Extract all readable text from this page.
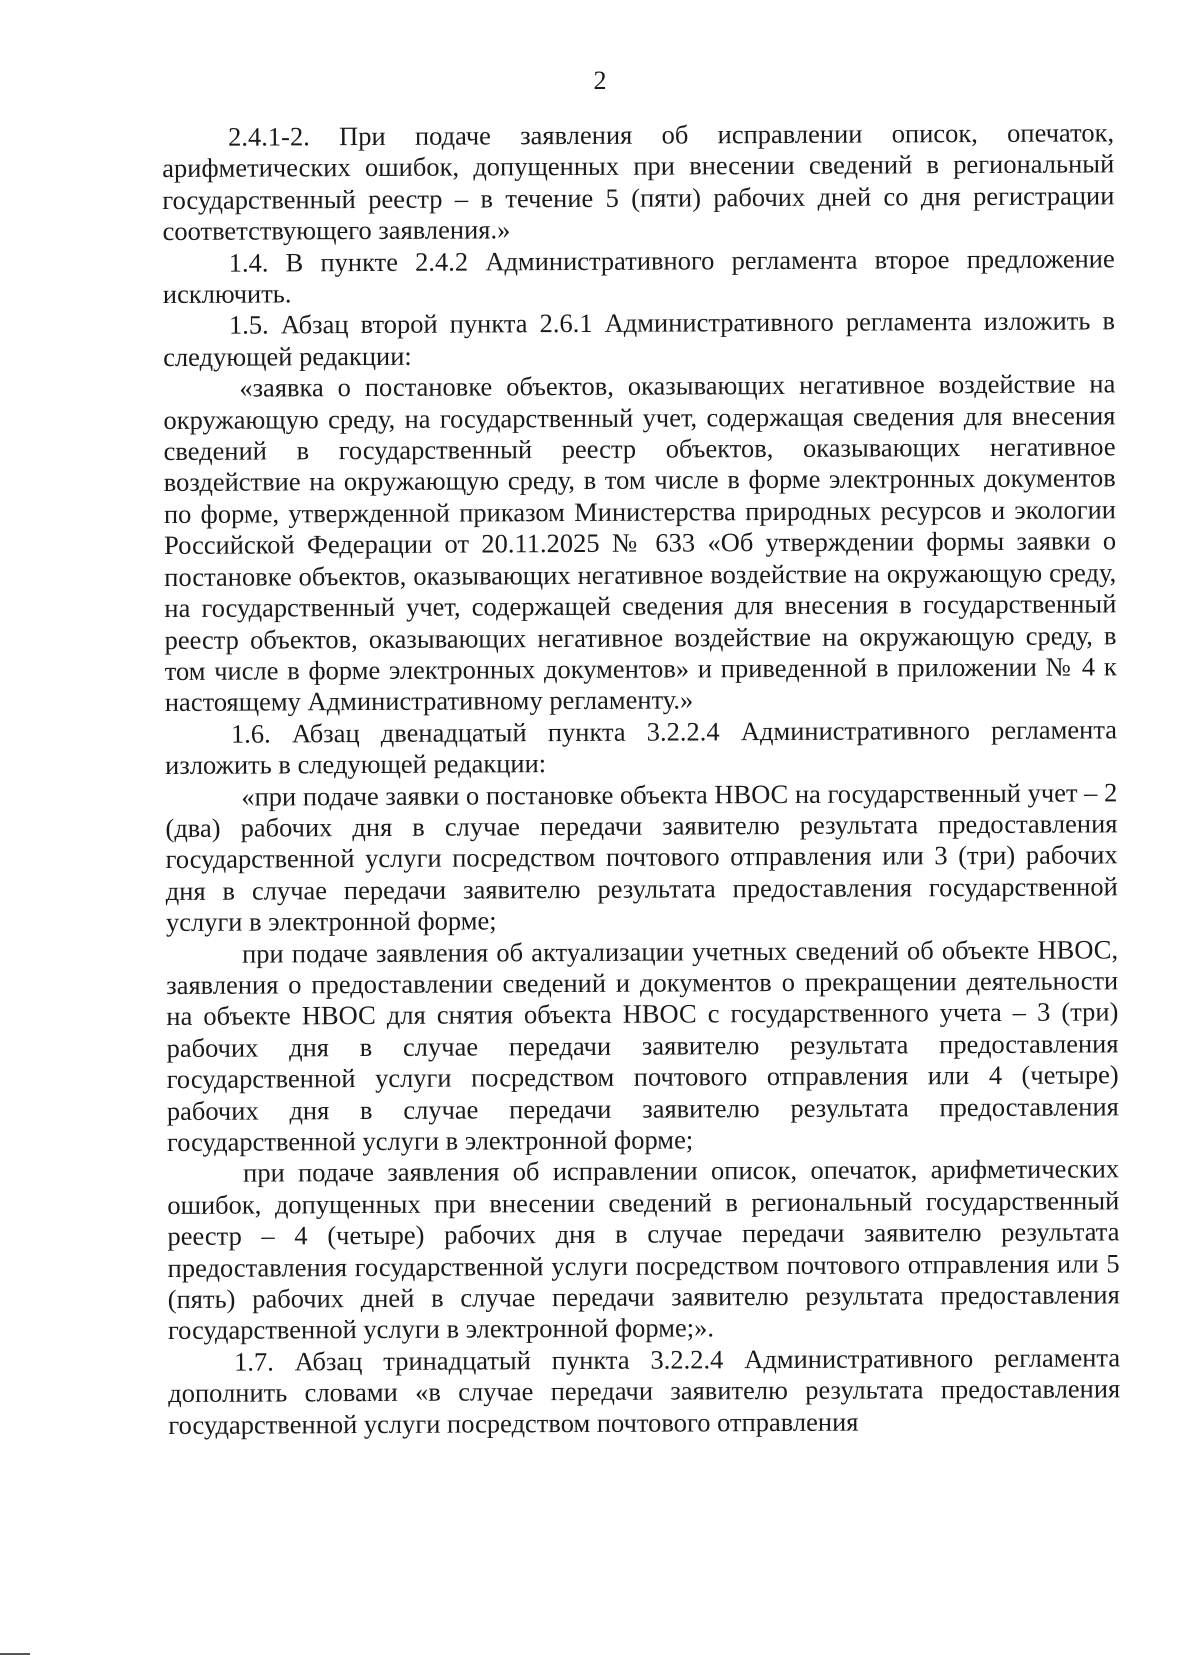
2

2.4.1-2. При подаче заявления об исправлении описок, опечаток, арифметических ошибок, допущенных при внесении сведений в региональный государственный реестр – в течение 5 (пяти) рабочих дней со дня регистрации соответствующего заявления.»

1.4. В пункте 2.4.2 Административного регламента второе предложение исключить.

1.5. Абзац второй пункта 2.6.1 Административного регламента изложить в следующей редакции:

«заявка о постановке объектов, оказывающих негативное воздействие на окружающую среду, на государственный учет, содержащая сведения для внесения сведений в государственный реестр объектов, оказывающих негативное воздействие на окружающую среду, в том числе в форме электронных документов по форме, утвержденной приказом Министерства природных ресурсов и экологии Российской Федерации от 20.11.2025 № 633 «Об утверждении формы заявки о постановке объектов, оказывающих негативное воздействие на окружающую среду, на государственный учет, содержащей сведения для внесения в государственный реестр объектов, оказывающих негативное воздействие на окружающую среду, в том числе в форме электронных документов» и приведенной в приложении № 4 к настоящему Административному регламенту.»

1.6. Абзац двенадцатый пункта 3.2.2.4 Административного регламента изложить в следующей редакции:

«при подаче заявки о постановке объекта НВОС на государственный учет – 2 (два) рабочих дня в случае передачи заявителю результата предоставления государственной услуги посредством почтового отправления или 3 (три) рабочих дня в случае передачи заявителю результата предоставления государственной услуги в электронной форме;

при подаче заявления об актуализации учетных сведений об объекте НВОС, заявления о предоставлении сведений и документов о прекращении деятельности на объекте НВОС для снятия объекта НВОС с государственного учета – 3 (три) рабочих дня в случае передачи заявителю результата предоставления государственной услуги посредством почтового отправления или 4 (четыре) рабочих дня в случае передачи заявителю результата предоставления государственной услуги в электронной форме;

при подаче заявления об исправлении описок, опечаток, арифметических ошибок, допущенных при внесении сведений в региональный государственный реестр – 4 (четыре) рабочих дня в случае передачи заявителю результата предоставления государственной услуги посредством почтового отправления или 5 (пять) рабочих дней в случае передачи заявителю результата предоставления государственной услуги в электронной форме;».

1.7. Абзац тринадцатый пункта 3.2.2.4 Административного регламента дополнить словами «в случае передачи заявителю результата предоставления государственной услуги посредством почтового отправления
